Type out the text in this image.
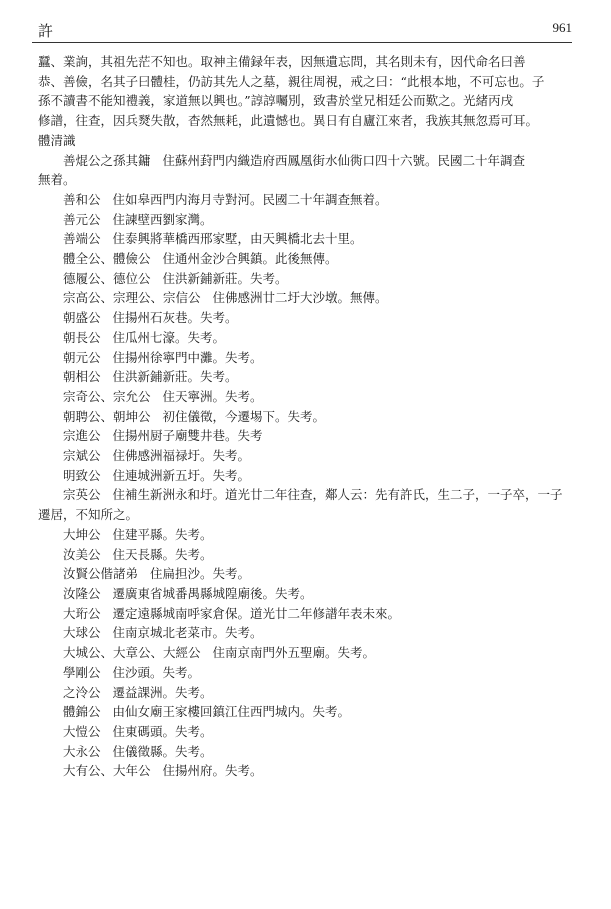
許	961
蠶、業詢，其祖先茫不知也。取神主備録年表，因無遺忘問，其名則未有，因代命名曰善
恭、善儉，名其子曰體桂，仍訪其先人之墓，親往周視，戒之曰：“此根本地，不可忘也。子
孫不讀書不能知禮義，家道無以興也。”諄諄囑別，致書於堂兄相廷公而歎之。光緒丙戌
修譜，往查，因兵燹失散，杳然無耗，此遺憾也。異日有自廬江來者，我族其無忽焉可耳。
體清識
善焜公之孫其鏞 住蘇州葑門内織造府西鳳凰街水仙衖口四十六號。民國二十年調查
無着。
善和公 住如皋西門内海月寺對河。民國二十年調查無着。
善元公 住諫壁西劉家灣。
善端公 住泰興將華橋西邢家墅，由天興橋北去十里。
體全公、體儉公 住通州金沙合興鎮。此後無傳。
德履公、德位公 住洪新鋪新莊。失考。
宗高公、宗理公、宗信公 住佛感洲廿二圩大沙墩。無傳。
朝盛公 住揚州石灰巷。失考。
朝長公 住瓜州七濠。失考。
朝元公 住揚州徐寧門中灘。失考。
朝相公 住洪新鋪新莊。失考。
宗奇公、宗允公 住天寧洲。失考。
朝聘公、朝坤公 初住儀徵，今遷埸下。失考。
宗進公 住揚州厨子廟雙井巷。失考
宗斌公 住佛感洲福禄圩。失考。
明致公 住連城洲新五圩。失考。
宗英公 住補生新洲永和圩。道光廿二年往查，鄰人云：先有許氏，生二子，一子卒，一子
遷居，不知所之。
大坤公 住建平縣。失考。
汝美公 住天長縣。失考。
汝賢公偕諸弟 住扁担沙。失考。
汝隆公 遷廣東省城番禺縣城隍廟後。失考。
大珩公 遷定遠縣城南呼家倉保。道光廿二年修譜年表未來。
大球公 住南京城北老菜市。失考。
大城公、大章公、大經公 住南京南門外五聖廟。失考。
學剛公 住沙頭。失考。
之泠公 遷益課洲。失考。
體錦公 由仙女廟王家樓回鎮江住西門城内。失考。
大愷公 住東碼頭。失考。
大永公 住儀徵縣。失考。
大有公、大年公 住揚州府。失考。
